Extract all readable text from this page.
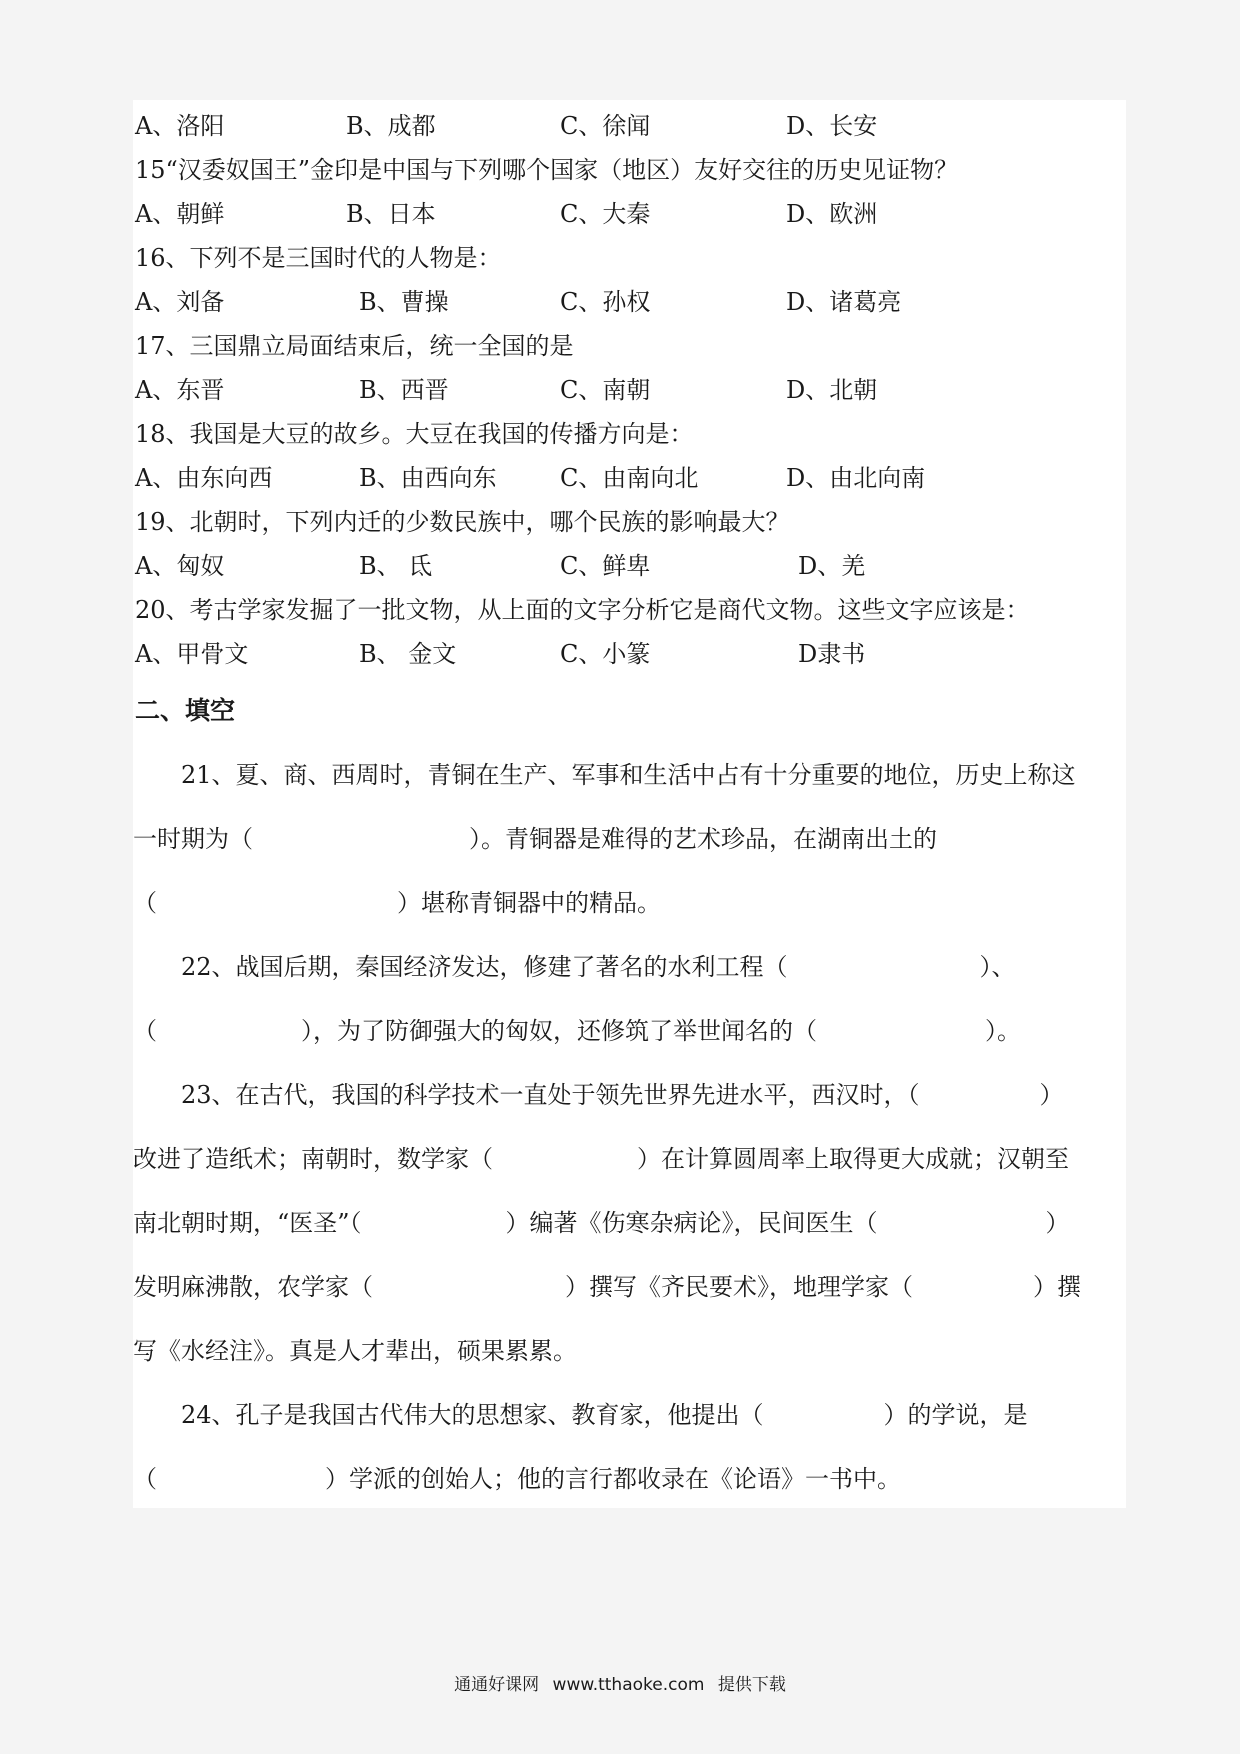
A、洛阳	B、成都	C、徐闻	D、长安
15“汉委奴国王”金印是中国与下列哪个国家（地区）友好交往的历史见证物？
A、朝鲜	B、日本	C、大秦	D、欧洲
16、下列不是三国时代的人物是：
A、刘备	B、曹操	C、孙权	D、诸葛亮
17、三国鼎立局面结束后，统一全国的是
A、东晋	B、西晋	C、南朝	D、北朝
18、我国是大豆的故乡。大豆在我国的传播方向是：
A、由东向西	B、由西向东	C、由南向北	D、由北向南
19、北朝时，下列内迁的少数民族中，哪个民族的影响最大？
A、匈奴	B、 氐	C、鲜卑	D、羌
20、考古学家发掘了一批文物，从上面的文字分析它是商代文物。这些文字应该是：
A、甲骨文	B、 金文	C、小篆	D隶书
二、填空
　　21、夏、商、西周时，青铜在生产、军事和生活中占有十分重要的地位，历史上称这
一时期为（　　　　　　　　　）。青铜器是难得的艺术珍品，在湖南出土的
（　　　　　　　　　　）堪称青铜器中的精品。
　　22、战国后期，秦国经济发达，修建了著名的水利工程（　　　　　　　　）、
（　　　　　　），为了防御强大的匈奴，还修筑了举世闻名的（　　　　　　　）。
　　23、在古代，我国的科学技术一直处于领先世界先进水平，西汉时，（　　　　　）
改进了造纸术；南朝时，数学家（　　　　　　）在计算圆周率上取得更大成就；汉朝至
南北朝时期，“医圣”（　　　　　　）编著《伤寒杂病论》，民间医生（　　　　　　　）
发明麻沸散，农学家（　　　　　　　　）撰写《齐民要术》，地理学家（　　　　　）撰
写《水经注》。真是人才辈出，硕果累累。
　　24、孔子是我国古代伟大的思想家、教育家，他提出（　　　　　）的学说，是
（　　　　　　　）学派的创始人；他的言行都收录在《论语》一书中。
通通好课网 www.tthaoke.com 提供下载
